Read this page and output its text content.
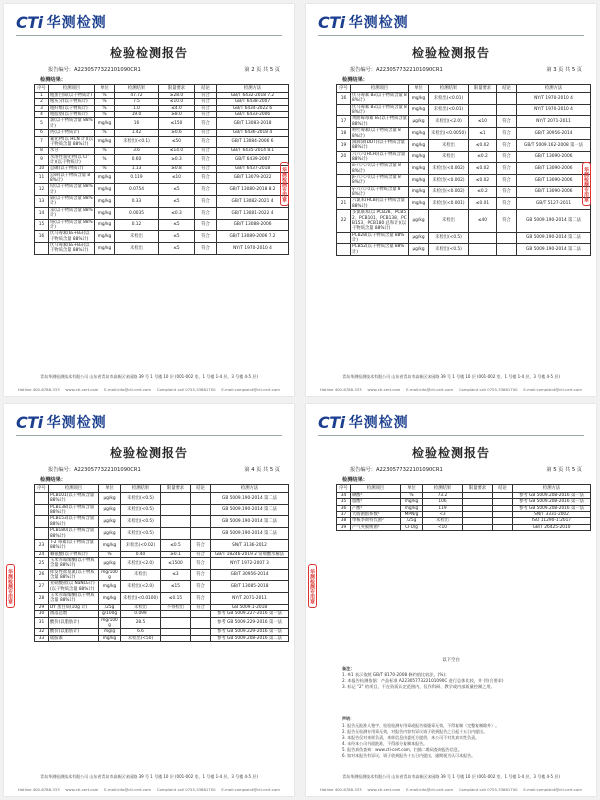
CTi 华测检测
检验检测报告
报告编号：A2230577322101090CR1	第 2 页 共 5 页
检测结果：
序号	检测项目	单位	检测结果	限量要求	结论	检测方法
1	粗蛋白质(以干物质计)	%	47.72	≥28.0	符合	GB/T 6432-2018 7.2
2	粗灰分(以干物质计)	%	7.5	≤10.0	符合	GB/T 6438-2007
3	粗纤维(以干物质计)	%	1.0	≤4.0	符合	GB/T 6434-2022 6
4	粗脂肪(以干物质计)	%	19.0	≥8.0	符合	GB/T 6433-2006
5	氯(以干物质含量 88%计)	mg/kg	16	≤150	符合	GB/T 13083-2018
6	钙(以干物质计)	%	1.42	≥0.6	符合	GB/T 6436-2018 4
7	氰化物(以 HCN 计)(以干物质含量 88%计)	mg/kg	未检出(<0.1)	≤50	符合	GB/T 13084-2006 6
8	水分	%	3.6	≤14.0	符合	GB/T 6435-2014 8.1
9	水溶性氯化物(以 Cl⁻计)(以干物质计)	%	0.60	≥0.3	符合	GB/T 6439-2007
10	总磷(以干物质计)	%	1.13	≥0.8	符合	GB/T 6437-2018
11	总砷(以干物质含量 88%计)	mg/kg	0.119	≤10	符合	GB/T 13079-2022
12	铅(以干物质含量 88%计)	mg/kg	0.0754	≤5	符合	GB/T 13080-2018 8.2
13	镉(以干物质含量 88%计)	mg/kg	0.33	≤5	符合	GB/T 13082-2021 4
14	汞(以干物质含量 88%计)	mg/kg	0.0035	≤0.3	符合	GB/T 13081-2022 4
15	铬(以干物质含量 88%计)	mg/kg	0.12	≤5	符合	GB/T 13088-2006
16	伏马毒素(B₁+B₂)(以干物质含量 88%计)	mg/kg	未检出	≤5	符合	GB/T 13089-2006 7.2
	伏马毒素(B₁+B₂)(以干物质含量 88%计)	mg/kg	未检出	≤5	符合	NY/T 1970-2010 4
华测检测专用章
青岛华测检测技术有限公司 山东省青岛市高新区宋园路 39 号 1 号楼 10 层 (001-002 室、1 号楼 1-4 层、3 号楼 4-5 层)
Hotline 400-6788-333 www.cti-cert.com E-mail:info@cti-cert.com Complaint call 0755-33681700 E-mail:complaint@cti-cert.com
CTi 华测检测
检验检测报告
报告编号：A2230577322101090CR1	第 3 页 共 5 页
检测结果：
序号	检测项目	单位	检测结果	限量要求	结论	检测方法
16	伏马毒素 B₂(以干物质含量 88%计)	mg/kg	未检出(<0.01)			NY/T 1970-2010 4
	伏马毒素 B₁(以干物质含量 88%计)	mg/kg	未检出(<0.01)			NY/T 1970-2010 4
17	黄曲霉毒素 B₁(以干物质含量 88%计)	µg/kg	未检出(<2.0)	≤10	符合	NY/T 2071-2011
18	呕吐毒素(以干物质含量 88%计)	mg/kg	未检出(<0.0050)	≤1	符合	GB/T 30956-2014
19	滴滴涕(DDT)(以干物质含量 88%计)	mg/kg	未检出	≤0.02	符合	GB/T 5009.162-2008 第一法
20	六六六(HCH)(以干物质含量 88%计)	mg/kg	未检出	≤0.2	符合	GB/T 13090-2006
	α-六六六(以干物质含量 88%计)	mg/kg	未检出(<0.002)	≤0.02	符合	GB/T 13090-2006
	β-六六六(以干物质含量 88%计)	mg/kg	未检出(<0.002)	≤0.02	符合	GB/T 13090-2006
	γ-六六六(以干物质含量 88%计)	mg/kg	未检出(<0.002)	≤0.2	符合	GB/T 13090-2006
21	六氯苯(HCB)(以干物质含量 88%计)	mg/kg	未检出(<0.001)	≤0.01	符合	GB/T 5127-2011
22	多氯联苯(以 PCB28、PCB52、PCB101、PCB138、PCB153、PCB180 总和计)(以干物质含量 88%计)	µg/kg	未检出	≤40	符合	GB 5009.190-2014 第二法
	PCB28(以干物质含量 88%计)	µg/kg	未检出(<0.5)			GB 5009.190-2014 第二法
	PCB52(以干物质含量 88%计)	µg/kg	未检出(<0.5)			GB 5009.190-2014 第二法
华测检测专用章
青岛华测检测技术有限公司 山东省青岛市高新区宋园路 39 号 1 号楼 10 层 (001-002 室、1 号楼 1-4 层、3 号楼 4-5 层)
Hotline 400-6788-333 www.cti-cert.com E-mail:info@cti-cert.com Complaint call 0755-33681700 E-mail:complaint@cti-cert.com
CTi 华测检测
检验检测报告
报告编号：A2230577322101090CR1	第 4 页 共 5 页
检测结果：
序号	检测项目	单位	检测结果	限量要求	结论	检测方法
	PCB101(以干物质含量 88%计)	µg/kg	未检出(<0.5)			GB 5009.190-2014 第二法
	PCB138(以干物质含量 88%计)	µg/kg	未检出(<0.5)			GB 5009.190-2014 第二法
	PCB153(以干物质含量 88%计)	µg/kg	未检出(<0.5)			GB 5009.190-2014 第二法
	PCB180(以干物质含量 88%计)	µg/kg	未检出(<0.5)			GB 5009.190-2014 第二法
23	T-2 毒素(以干物质含量 88%计)	mg/kg	未检出(<0.02)	≤0.5	符合	SN/T 3136-2012
24	赖氨酸(以干物质计)	%	0.40	≥0.1	符合	GB/T 18246-2019 2 常规酸水解法
25	玉米赤霉烯酮(以干物质含量 88%计)	µg/kg	未检出(<2.0)	≤1500	符合	NY/T 1972-2007 3
26	挥发性盐基氮(以干物质含量 88%计)	mg/100g	未检出	≤3	符合	GB/T 30956-2014
27	亚硝酸盐(以 NaNO₂计)(以干物质含量 88%计)	mg/kg	未检出(<2.0)	≤15	符合	GB/T 13085-2018
28	玉米赤霉烯酮(以干物质含量 88%计)	mg/kg	未检出(<0.0100)	≤0.15	符合	NY/T 2071-2011
29	DY 蛋白质(10g 计)	/25g	未检出	不得检出	符合	GB 5009.1-2018
30	菌落总数	g/100g	0.099			参考 GB 5009.227-2016 第一法
31	酸价(以脂肪计)	mg/100g	28.5			参考 GB 5009.229-2016 第一法
32	酸价(以脂肪计)	mg/g	6.6			参考 GB 5009.229-2016 第一法
33	硫胺素	mg/kg	未检出(<50)			参考 GB 5009.208-2016 第二法
华测检测专用章
青岛华测检测技术有限公司 山东省青岛市高新区宋园路 39 号 1 号楼 10 层 (001-002 室、1 号楼 1-4 层、3 号楼 4-5 层)
Hotline 400-6788-333 www.cti-cert.com E-mail:info@cti-cert.com Complaint call 0755-33681700 E-mail:complaint@cti-cert.com
CTi 华测检测
检验检测报告
报告编号：A2230577322101090CR1	第 5 页 共 5 页
检测结果：
序号	检测项目	单位	检测结果	限量要求	结论	检测方法
34	碘酸²	%	73.2			参考 GB 5009.208-2016 第一法
35	脂酸²	mg/kg	106			参考 GB 5009.208-2016 第一法
36	产酸²	mg/kg	119			参考 GB 5009.208-2016 第一法
37	大肠菌群系数²	MPN/g	<3			SN/T 3331-2002
38	单核李斯特氏菌²	/25g	未检出			ISO 11290-1:2017
39	产气荚膜梭菌²	CFU/g	<10			GB/T 26425-2010
以下空白
备注：
1. ※1 表示依照 GB/T 8170-2008 修约值比较法，(%)；
2. 本报告检测依据：产品标准 A2230577322101090C 进行总体比较，并 (符合要求)
3. 标记 "2" 的项目，不在资质认定范围内，仅作科研、教学或内部质量控制之用。
声明：
1. 报告无批准人签字、检验检测专用章或报告骑缝章无效，不得复制（完整复制除外）。
2. 报告无检测专用章无效，对报告内容有异议请于收到报告之日起十五日内提出。
3. 本报告仅对来样负责，来样信息由委托方提供，本公司不对其真实性负责。
4. 未经本公司书面批准，不得部分复制本报告。
5. 报告真伪查询：www.cti-cert.com，扫描二维码查询报告信息。
6. 如对本报告有异议，请于收到报告十五日内提出，逾期视为认可本报告。
华测检测专用章
青岛华测检测技术有限公司 山东省青岛市高新区宋园路 39 号 1 号楼 10 层 (001-002 室、1 号楼 1-4 层、3 号楼 4-5 层)
Hotline 400-6788-333 www.cti-cert.com E-mail:info@cti-cert.com Complaint call 0755-33681700 E-mail:complaint@cti-cert.com
